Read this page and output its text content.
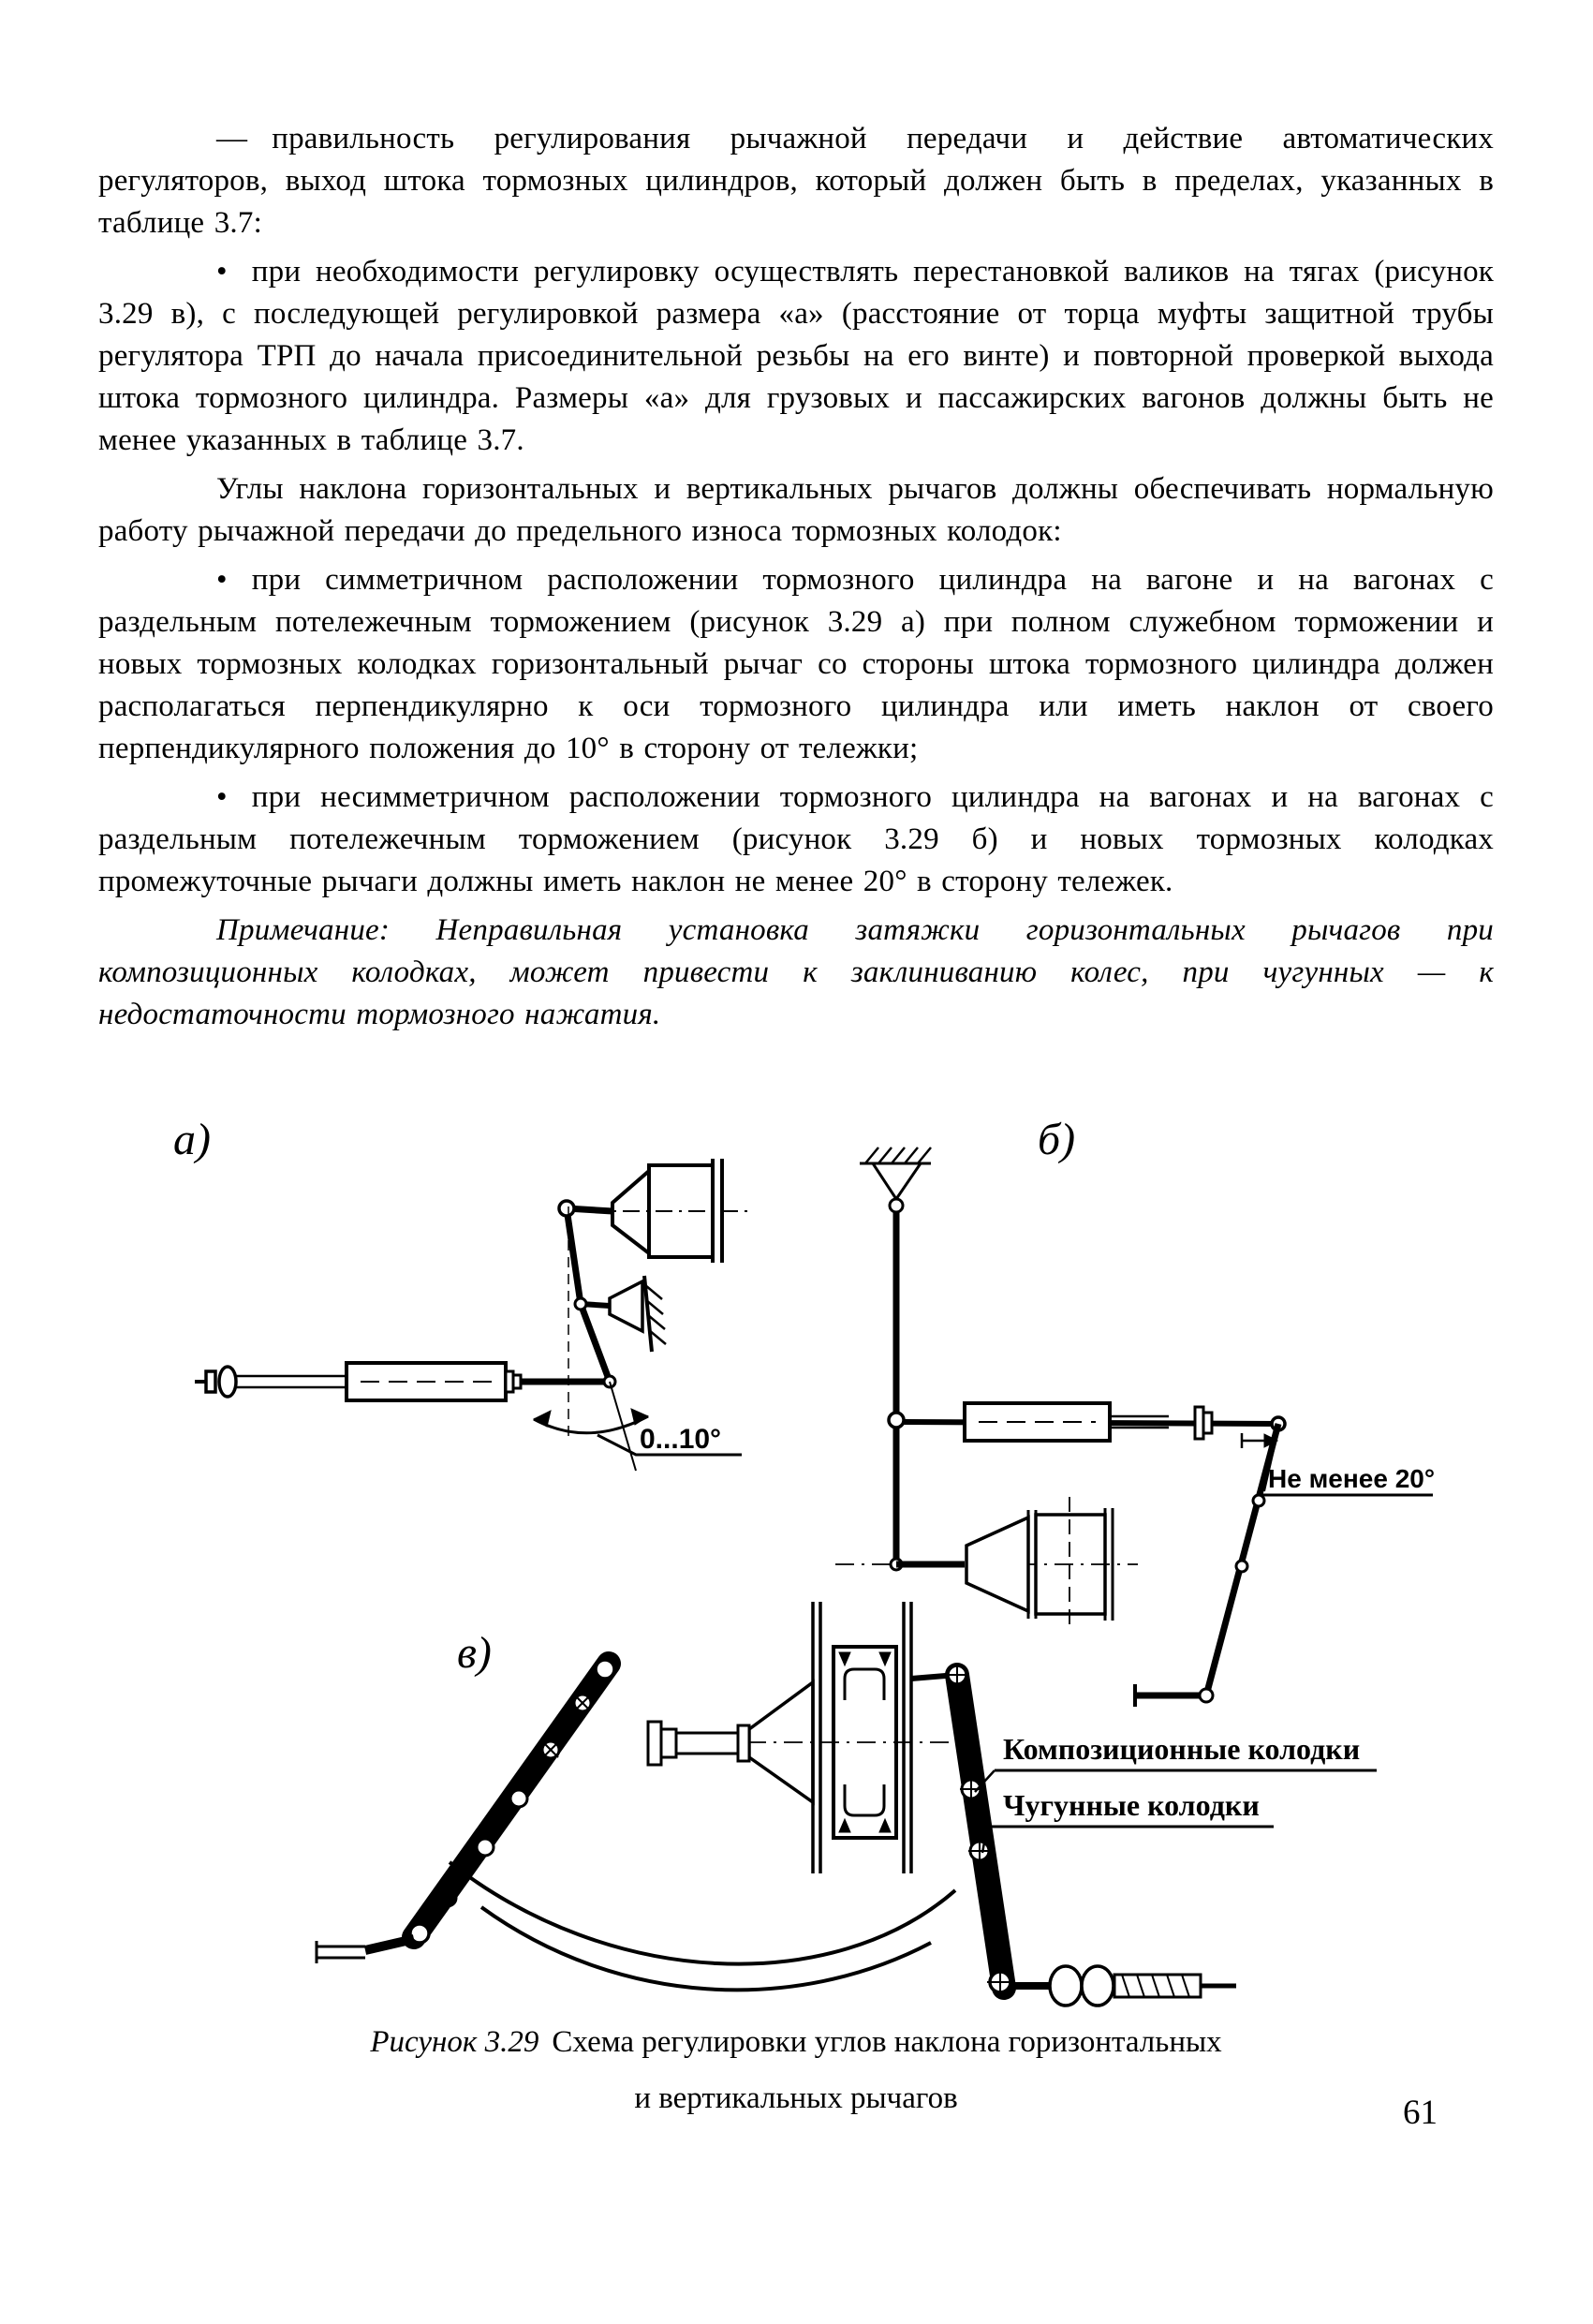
— правильность регулирования рычажной передачи и действие автоматических регуляторов, выход штока тормозных цилиндров, который должен быть в пределах, указанных в таблице 3.7:

• при необходимости регулировку осуществлять перестановкой валиков на тягах (рисунок 3.29 в), с последующей регулировкой размера «а» (расстояние от торца муфты защитной трубы регулятора ТРП до начала присоединительной резьбы на его винте) и повторной проверкой выхода штока тормозного цилиндра. Размеры «а» для грузовых и пассажирских вагонов должны быть не менее указанных в таблице 3.7.

Углы наклона горизонтальных и вертикальных рычагов должны обеспечивать нормальную работу рычажной передачи до предельного износа тормозных колодок:

• при симметричном расположении тормозного цилиндра на вагоне и на вагонах с раздельным потележечным торможением (рисунок 3.29 а) при полном служебном торможении и новых тормозных колодках горизонтальный рычаг со стороны штока тормозного цилиндра должен располагаться перпендикулярно к оси тормозного цилиндра или иметь наклон от своего перпендикулярного положения до 10° в сторону от тележки;

• при несимметричном расположении тормозного цилиндра на вагонах и на вагонах с раздельным потележечным торможением (рисунок 3.29 б) и новых тормозных колодках промежуточные рычаги должны иметь наклон не менее 20° в сторону тележек.

Примечание: Неправильная установка затяжки горизонтальных рычагов при композиционных колодках, может привести к заклиниванию колес, при чугунных — к недостаточности тормозного нажатия.

а)
0...10°
б)
Не менее 20°
в)
Композиционные колодки
Чугунные колодки
Рисунок 3.29 Схема регулировки углов наклона горизонтальных
и вертикальных рычагов	61
